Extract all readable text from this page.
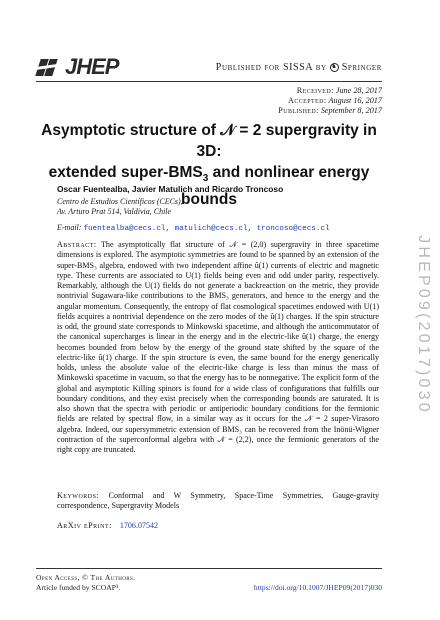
JHEP	Published for SISSA by ♞ Springer
Received: June 28, 2017
Accepted: August 16, 2017
Published: September 8, 2017
Asymptotic structure of 𝒩 = 2 supergravity in 3D:
extended super-$BMS_3$ and nonlinear energy bounds
Oscar Fuentealba, Javier Matulich and Ricardo Troncoso
Centro de Estudios Científicos (CECs),
Av. Arturo Prat 514, Valdivia, Chile
E-mail: fuentealba@cecs.cl, matulich@cecs.cl, troncoso@cecs.cl
Abstract: The asymptotically flat structure of 𝒩 = (2,0) supergravity in three spacetime dimensions is explored. The asymptotic symmetries are found to be spanned by an extension of the super-BMS₃ algebra, endowed with two independent affine û(1) currents of electric and magnetic type. These currents are associated to U(1) fields being even and odd under parity, respectively. Remarkably, although the U(1) fields do not generate a backreaction on the metric, they provide nontrivial Sugawara-like contributions to the BMS₃ generators, and hence to the energy and the angular momentum. Consequently, the entropy of flat cosmological spacetimes endowed with U(1) fields acquires a nontrivial dependence on the zero modes of the û(1) charges. If the spin structure is odd, the ground state corresponds to Minkowski spacetime, and although the anticommutator of the canonical supercharges is linear in the energy and in the electric-like û(1) charge, the energy becomes bounded from below by the energy of the ground state shifted by the square of the electric-like û(1) charge. If the spin structure is even, the same bound for the energy generically holds, unless the absolute value of the electric-like charge is less than minus the mass of Minkowski spacetime in vacuum, so that the energy has to be nonnegative. The explicit form of the global and asymptotic Killing spinors is found for a wide class of configurations that fulfills our boundary conditions, and they exist precisely when the corresponding bounds are saturated. It is also shown that the spectra with periodic or antiperiodic boundary conditions for the fermionic fields are related by spectral flow, in a similar way as it occurs for the 𝒩 = 2 super-Virasoro algebra. Indeed, our supersymmetric extension of BMS₃ can be recovered from the Inönü-Wigner contraction of the superconformal algebra with 𝒩 = (2,2), once the fermionic generators of the right copy are truncated.
Keywords: Conformal and W Symmetry, Space-Time Symmetries, Gauge-gravity correspondence, Supergravity Models
ArXiv ePrint: 1706.07542
Open Access, © The Authors.
Article funded by SCOAP³.	https://doi.org/10.1007/JHEP09(2017)030
JHEP09(2017)030
